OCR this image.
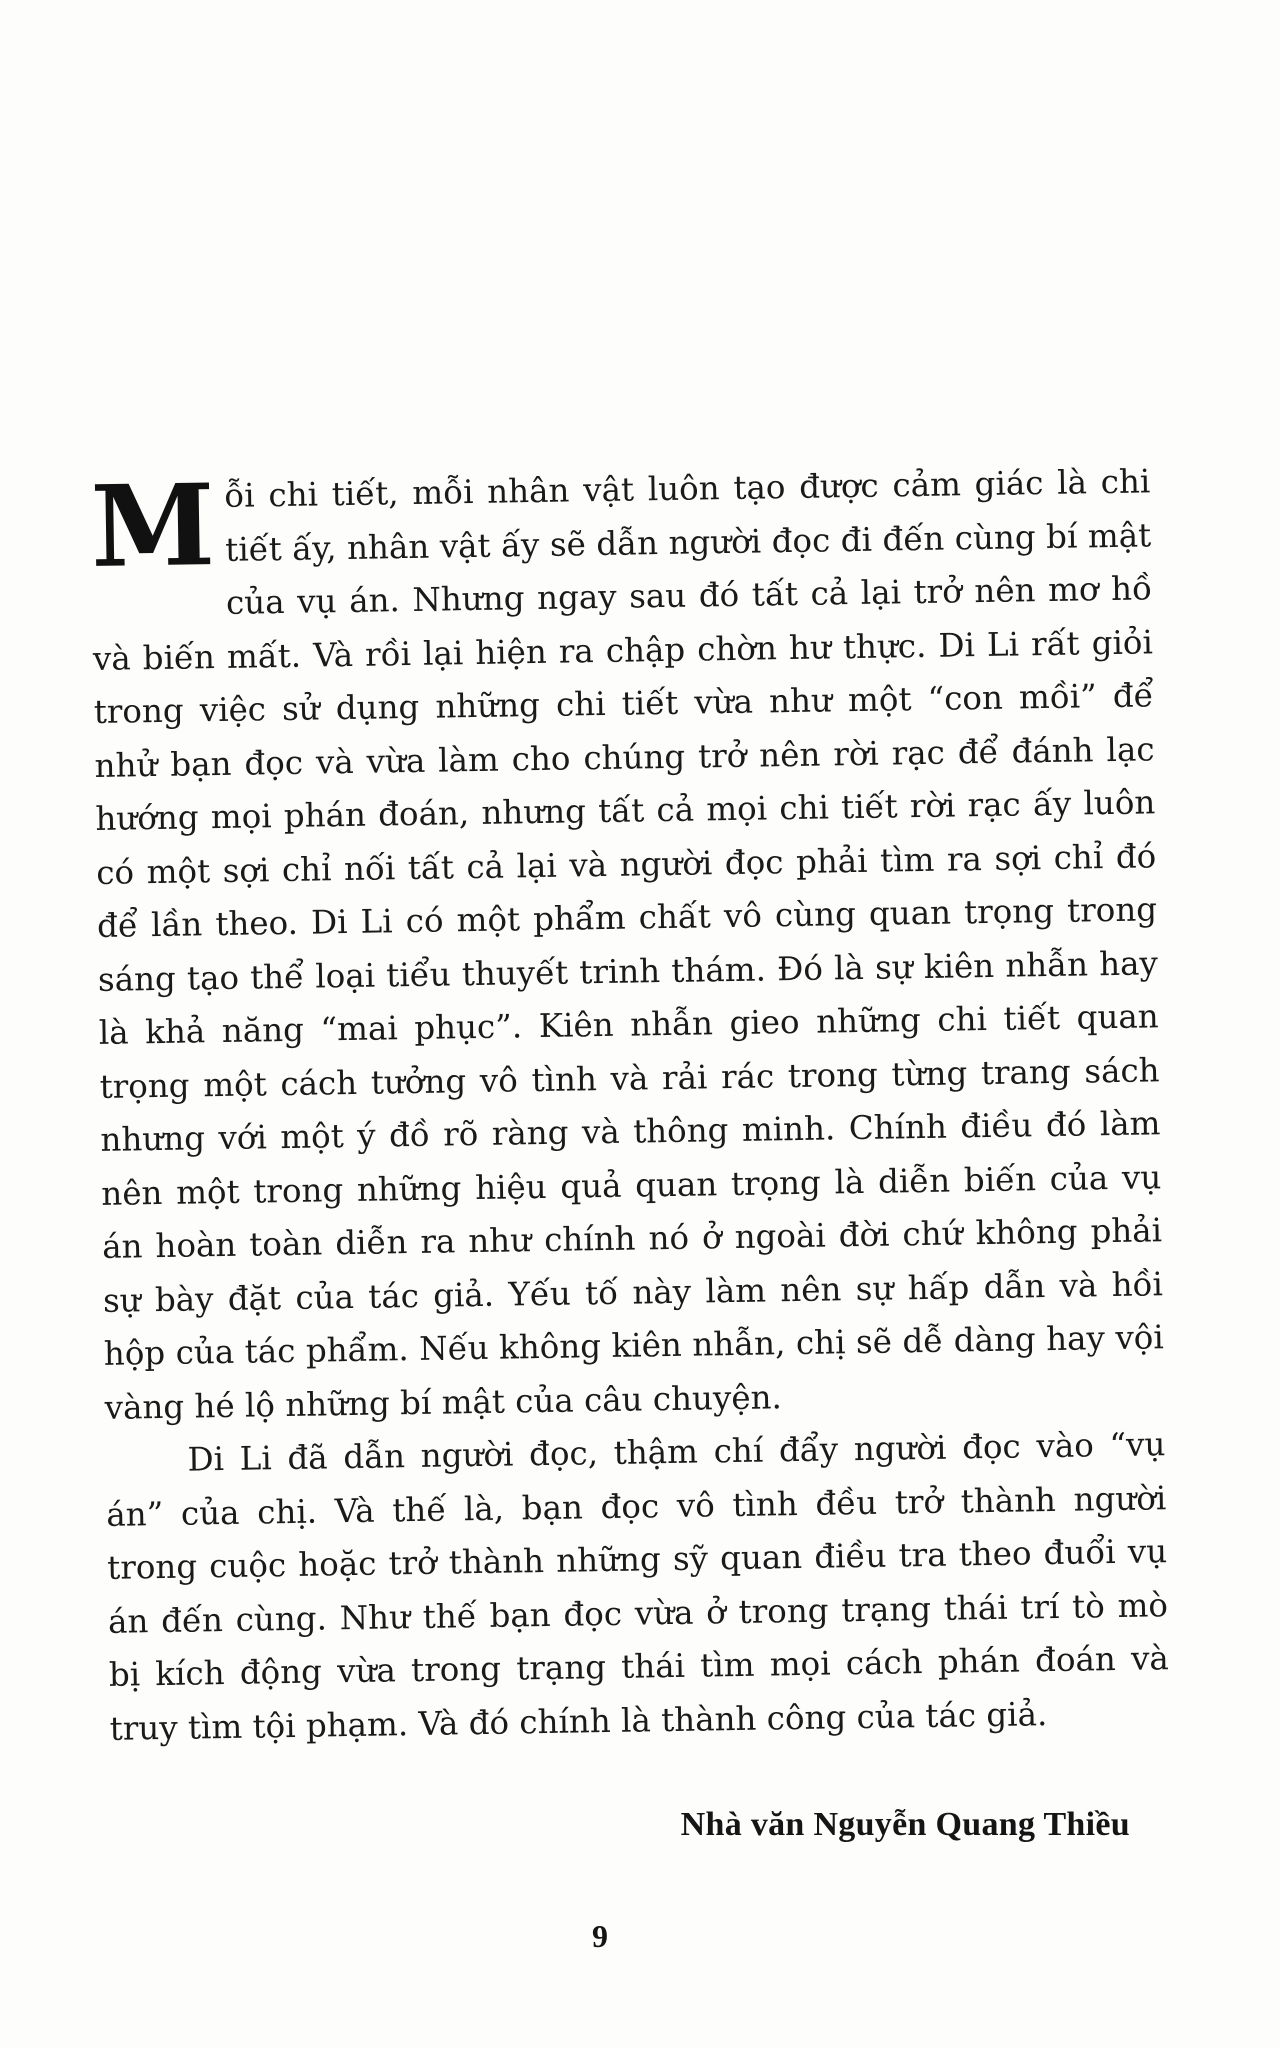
Mỗi chi tiết, mỗi nhân vật luôn tạo được cảm giác là chi tiết ấy, nhân vật ấy sẽ dẫn người đọc đi đến cùng bí mật của vụ án. Nhưng ngay sau đó tất cả lại trở nên mơ hồ và biến mất. Và rồi lại hiện ra chập chờn hư thực. Di Li rất giỏi trong việc sử dụng những chi tiết vừa như một “con mồi” để nhử bạn đọc và vừa làm cho chúng trở nên rời rạc để đánh lạc hướng mọi phán đoán, nhưng tất cả mọi chi tiết rời rạc ấy luôn có một sợi chỉ nối tất cả lại và người đọc phải tìm ra sợi chỉ đó để lần theo. Di Li có một phẩm chất vô cùng quan trọng trong sáng tạo thể loại tiểu thuyết trinh thám. Đó là sự kiên nhẫn hay là khả năng “mai phục”. Kiên nhẫn gieo những chi tiết quan trọng một cách tưởng vô tình và rải rác trong từng trang sách nhưng với một ý đồ rõ ràng và thông minh. Chính điều đó làm nên một trong những hiệu quả quan trọng là diễn biến của vụ án hoàn toàn diễn ra như chính nó ở ngoài đời chứ không phải sự bày đặt của tác giả. Yếu tố này làm nên sự hấp dẫn và hồi hộp của tác phẩm. Nếu không kiên nhẫn, chị sẽ dễ dàng hay vội vàng hé lộ những bí mật của câu chuyện.

Di Li đã dẫn người đọc, thậm chí đẩy người đọc vào “vụ án” của chị. Và thế là, bạn đọc vô tình đều trở thành người trong cuộc hoặc trở thành những sỹ quan điều tra theo đuổi vụ án đến cùng. Như thế bạn đọc vừa ở trong trạng thái trí tò mò bị kích động vừa trong trạng thái tìm mọi cách phán đoán và truy tìm tội phạm. Và đó chính là thành công của tác giả.

Nhà văn Nguyễn Quang Thiều
9
